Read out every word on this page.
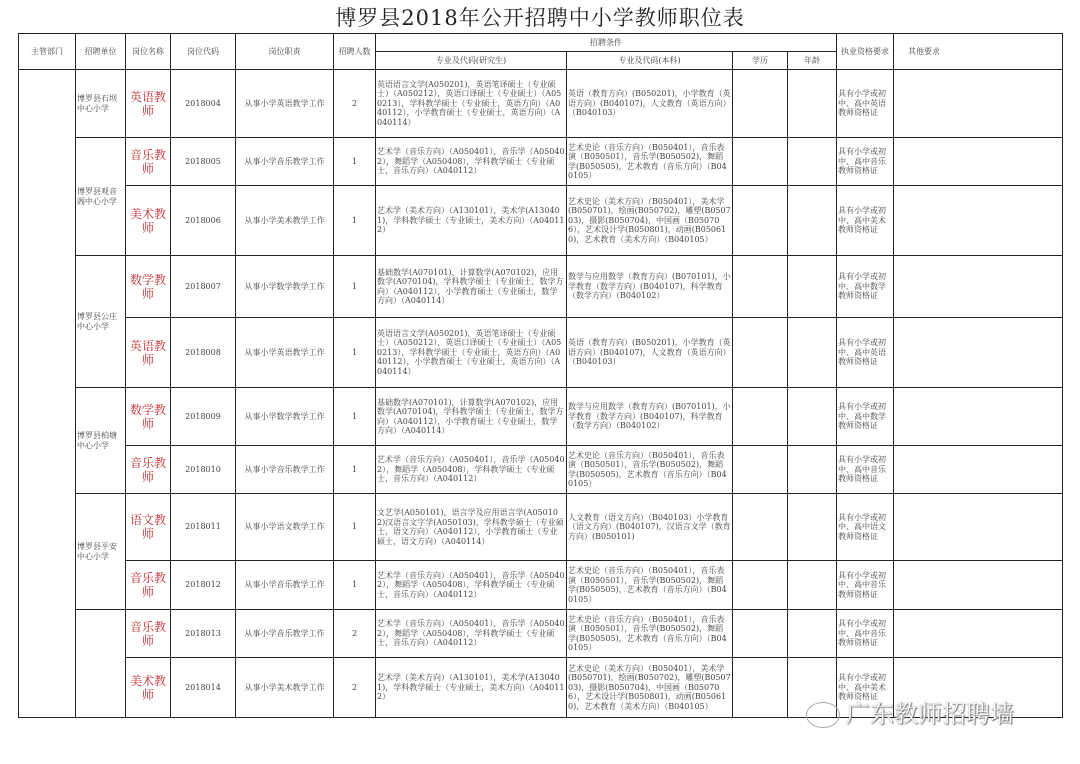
博罗县2018年公开招聘中小学教师职位表
主管部门	招聘单位	岗位名称	岗位代码	岗位职责	招聘人数	招聘条件				执业资格要求	其他要求
						专业及代码(研究生)	专业及代码(本科)	学历	年龄		
	博罗县石坝中心小学	英语教师	2018004	从事小学英语教学工作	2	英语语言文学(A050201)，英语笔译硕士（专业硕士）（A050212），英语口译硕士（专业硕士）（A050213），学科教学硕士（专业硕士，英语方向）（A040112），小学教育硕士（专业硕士，英语方向）（A040114）	英语（教育方向）(B050201)，小学教育（英语方向）(B040107)，人文教育（英语方向）（B040103）			具有小学或初中、高中英语教师资格证	
	博罗县观音阁中心小学	音乐教师	2018005	从事小学音乐教学工作	1	艺术学（音乐方向）（A050401），音乐学（A050402），舞蹈学（A050408），学科教学硕士（专业硕士，音乐方向）（A040112）	艺术史论（音乐方向）（B050401），音乐表演（B050501），音乐学(B050502)，舞蹈学(B050505)，艺术教育（音乐方向）（B040105）			具有小学或初中、高中音乐教师资格证	
		美术教师	2018006	从事小学美术教学工作	1	艺术学（美术方向）（A130101），美术学(A130401)，学科教学硕士（专业硕士，美术方向）（A040112）	艺术史论（美术方向）（B050401），美术学(B050701)，绘画(B050702)，雕塑(B050703)，摄影(B050704)，中国画（B050706），艺术设计学(B050801)，动画(B050610)，艺术教育（美术方向）（B040105）			具有小学或初中、高中美术教师资格证	
	博罗县公庄中心小学	数学教师	2018007	从事小学数学教学工作	1	基础数学(A070101)，计算数学(A070102)，应用数学(A070104)，学科教学硕士（专业硕士，数学方向）（A040112），小学教育硕士（专业硕士，数学方向）（A040114）	数学与应用数学（教育方向）(B070101)，小学教育（数学方向）(B040107)，科学教育（数学方向）（B040102）			具有小学或初中、高中数学教师资格证	
		英语教师	2018008	从事小学英语教学工作	1	英语语言文学(A050201)，英语笔译硕士（专业硕士）（A050212），英语口译硕士（专业硕士）（A050213），学科教学硕士（专业硕士，英语方向）（A040112），小学教育硕士（专业硕士，英语方向）（A040114）	英语（教育方向）(B050201)，小学教育（英语方向）(B040107)，人文教育（英语方向）（B040103）			具有小学或初中、高中英语教师资格证	
	博罗县柏塘中心小学	数学教师	2018009	从事小学数学教学工作	1	基础数学(A070101)，计算数学(A070102)，应用数学(A070104)，学科教学硕士（专业硕士，数学方向）（A040112），小学教育硕士（专业硕士，数学方向）（A040114）	数学与应用数学（教育方向）(B070101)，小学教育（数学方向）(B040107)，科学教育（数学方向）（B040102）			具有小学或初中、高中数学教师资格证	
		音乐教师	2018010	从事小学音乐教学工作	1	艺术学（音乐方向）（A050401），音乐学（A050402），舞蹈学（A050408），学科教学硕士（专业硕士，音乐方向）（A040112）	艺术史论（音乐方向）（B050401），音乐表演（B050501），音乐学(B050502)，舞蹈学(B050505)，艺术教育（音乐方向）（B040105）			具有小学或初中、高中音乐教师资格证	
	博罗县平安中心小学	语文教师	2018011	从事小学语文教学工作	1	文艺学(A050101)，语言学及应用语言学(A050102)汉语言文字学(A050103)，学科教学硕士（专业硕士，语文方向）（A040112），小学教育硕士（专业硕士，语文方向）（A040114）	人文教育（语文方向）（B040103）小学教育（语文方向）(B040107)，汉语言文学（教育方向）(B050101)			具有小学或初中、高中语文教师资格证	
		音乐教师	2018012	从事小学音乐教学工作	1	艺术学（音乐方向）（A050401），音乐学（A050402），舞蹈学（A050408），学科教学硕士（专业硕士，音乐方向）（A040112）	艺术史论（音乐方向）（B050401），音乐表演（B050501），音乐学(B050502)，舞蹈学(B050505)，艺术教育（音乐方向）（B040105）			具有小学或初中、高中音乐教师资格证	
		音乐教师	2018013	从事小学音乐教学工作	2	艺术学（音乐方向）（A050401），音乐学（A050402），舞蹈学（A050408），学科教学硕士（专业硕士，音乐方向）（A040112）	艺术史论（音乐方向）（B050401），音乐表演（B050501），音乐学(B050502)，舞蹈学(B050505)，艺术教育（音乐方向）（B040105）			具有小学或初中、高中音乐教师资格证	
		美术教师	2018014	从事小学美术教学工作	2	艺术学（美术方向）（A130101），美术学(A130401)，学科教学硕士（专业硕士，美术方向）（A040112）	艺术史论（美术方向）（B050401），美术学(B050701)，绘画(B050702)，雕塑(B050703)，摄影(B050704)，中国画（B050706），艺术设计学(B050801)，动画(B050610)，艺术教育（美术方向）（B040105）			具有小学或初中、高中美术教师资格证	
广东教师招聘墙
